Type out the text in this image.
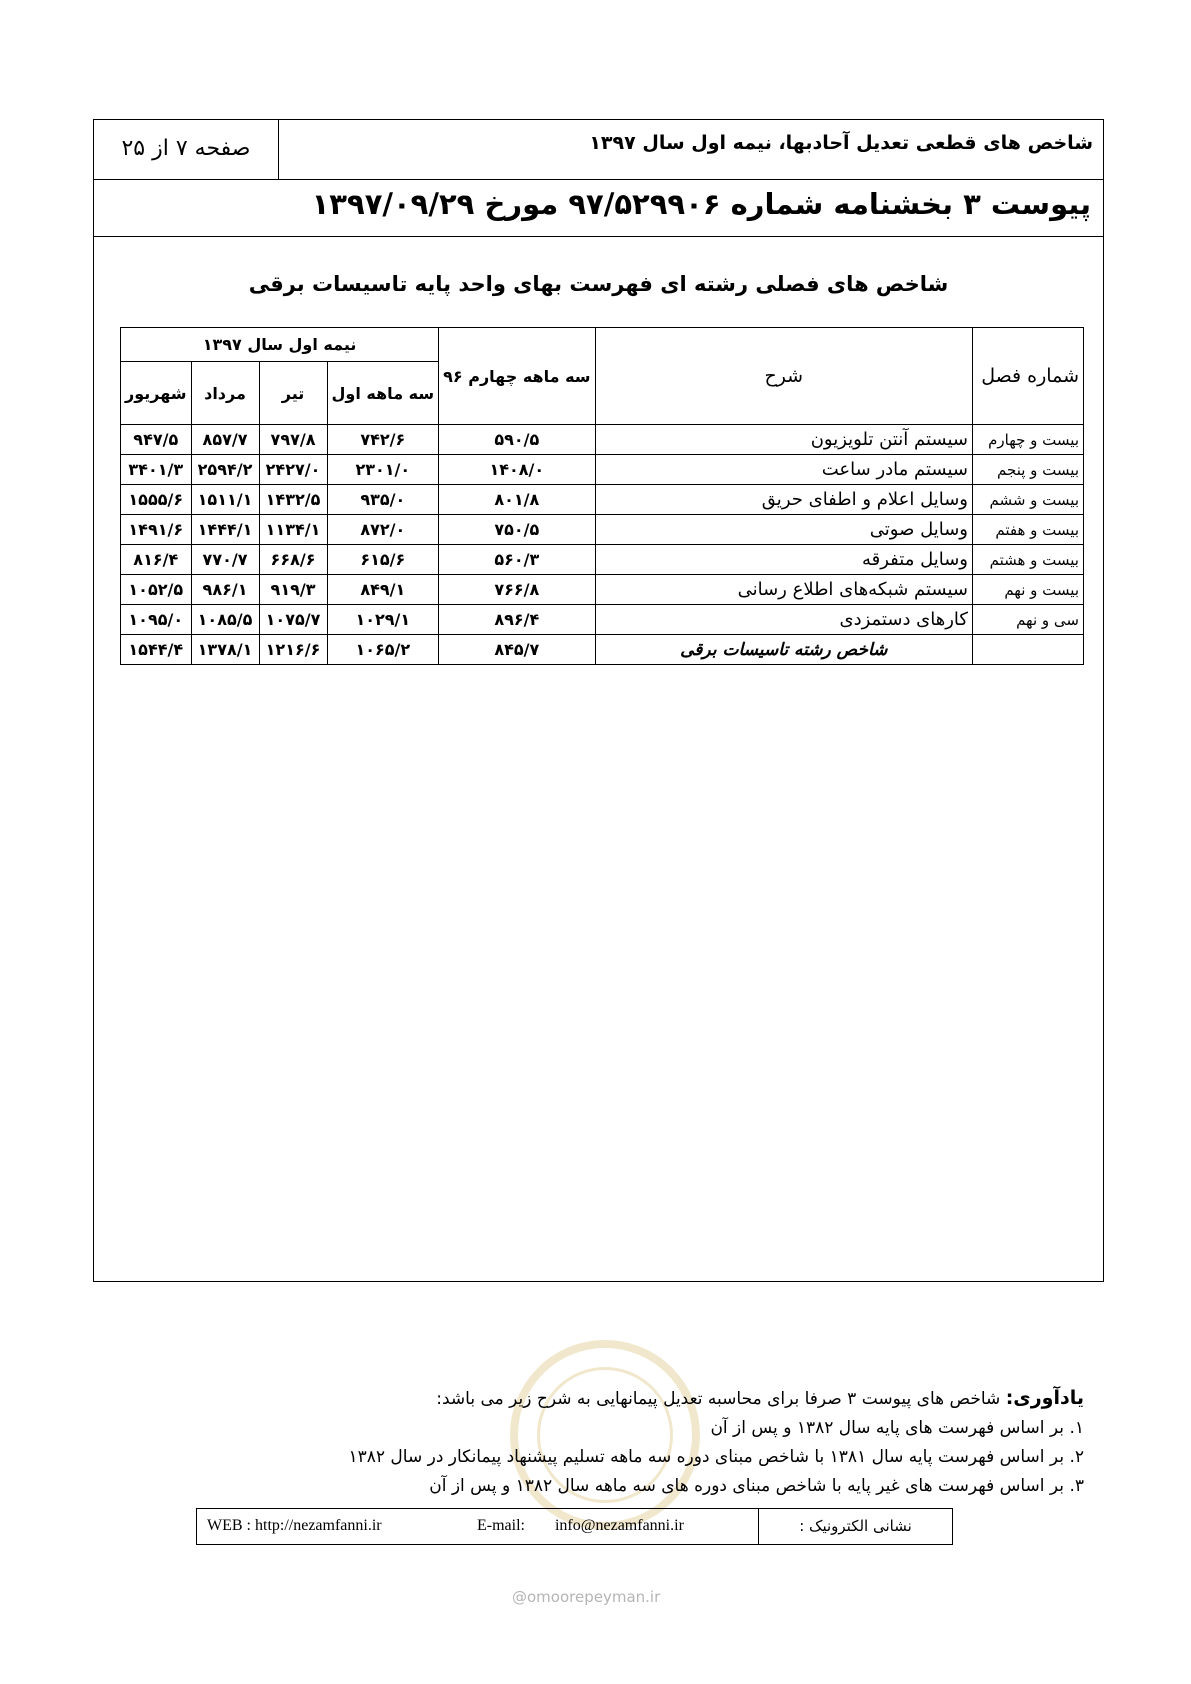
شاخص های قطعی تعدیل آحادبها، نیمه اول سال ۱۳۹۷
صفحه ۷ از ۲۵
پیوست ۳ بخشنامه شماره ۹۷/۵۲۹۹۰۶ مورخ ۱۳۹۷/۰۹/۲۹
شاخص های فصلی رشته ای فهرست بهای واحد پایه تاسیسات برقی
شماره فصل	شرح	سه ماهه چهارم ۹۶	نیمه اول سال ۱۳۹۷			
			سه ماهه اول	تیر	مرداد	شهریور
بیست و چهارم	سیستم آنتن تلویزیون	۵۹۰/۵	۷۴۲/۶	۷۹۷/۸	۸۵۷/۷	۹۴۷/۵
بیست و پنجم	سیستم مادر ساعت	۱۴۰۸/۰	۲۳۰۱/۰	۲۴۲۷/۰	۲۵۹۴/۲	۳۴۰۱/۳
بیست و ششم	وسایل اعلام و اطفای حریق	۸۰۱/۸	۹۳۵/۰	۱۴۳۲/۵	۱۵۱۱/۱	۱۵۵۵/۶
بیست و هفتم	وسایل صوتی	۷۵۰/۵	۸۷۲/۰	۱۱۳۴/۱	۱۴۴۴/۱	۱۴۹۱/۶
بیست و هشتم	وسایل متفرقه	۵۶۰/۳	۶۱۵/۶	۶۶۸/۶	۷۷۰/۷	۸۱۶/۴
بیست و نهم	سیستم شبکه‌های اطلاع رسانی	۷۶۶/۸	۸۴۹/۱	۹۱۹/۳	۹۸۶/۱	۱۰۵۲/۵
سی و نهم	کارهای دستمزدی	۸۹۶/۴	۱۰۲۹/۱	۱۰۷۵/۷	۱۰۸۵/۵	۱۰۹۵/۰
	شاخص رشته تاسیسات برقی	۸۴۵/۷	۱۰۶۵/۲	۱۲۱۶/۶	۱۳۷۸/۱	۱۵۴۴/۴
یادآوری: شاخص های پیوست ۳ صرفا برای محاسبه تعدیل پیمانهایی به شرح زیر می باشد:
۱. بر اساس فهرست های پایه سال ۱۳۸۲ و پس از آن
۲. بر اساس فهرست پایه سال ۱۳۸۱ با شاخص مبنای دوره سه ماهه تسلیم پیشنهاد پیمانکار در سال ۱۳۸۲
۳. بر اساس فهرست های غیر پایه با شاخص مبنای دوره های سه ماهه سال ۱۳۸۲ و پس از آن
نشانی الکترونیک :
WEB : http://nezamfanni.ir	E-mail: info@nezamfanni.ir
@omoorepeyman.ir
